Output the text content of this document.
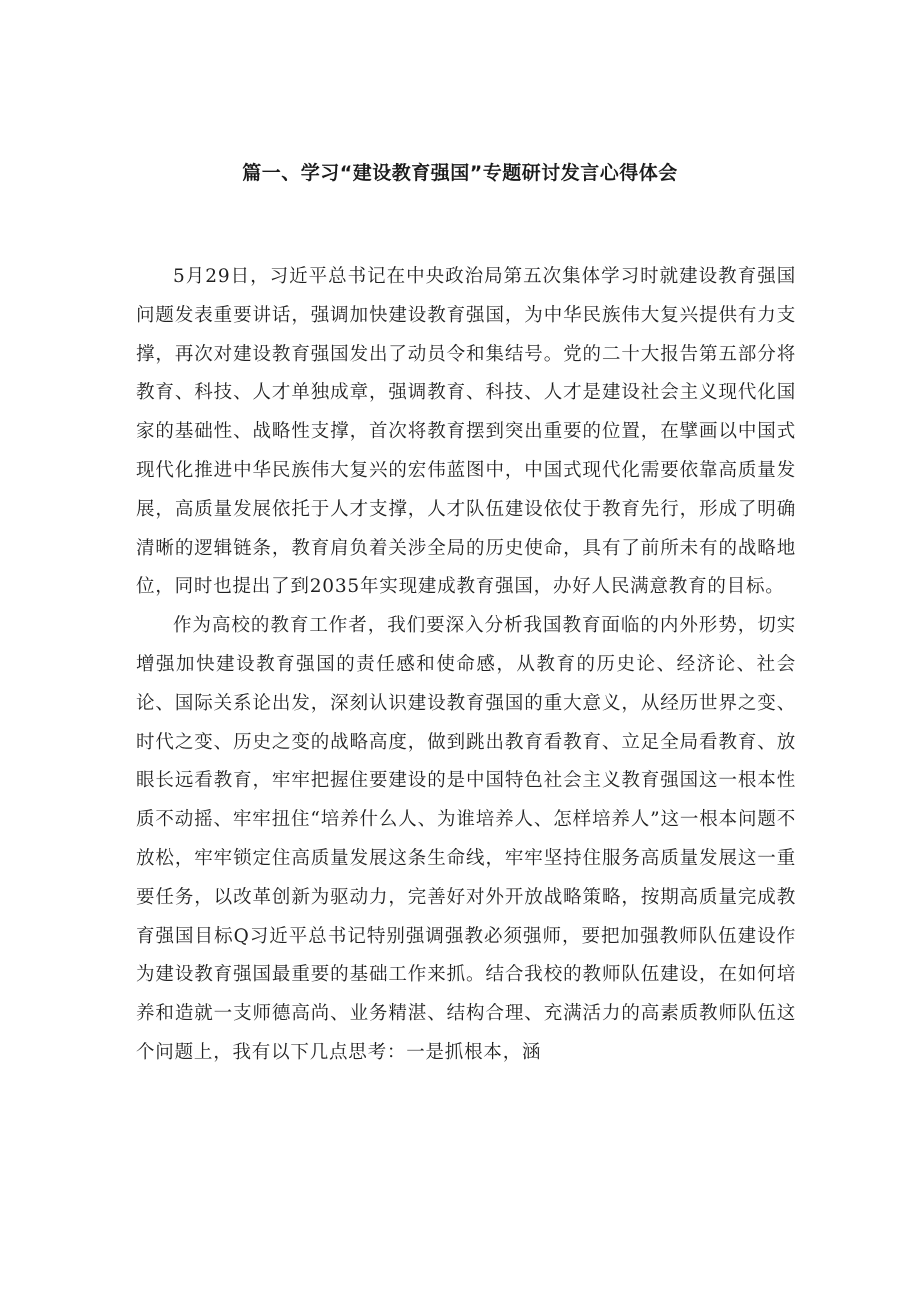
篇一、学习“建设教育强国”专题研讨发言心得体会

5月29日，习近平总书记在中央政治局第五次集体学习时就建设教育强国问题发表重要讲话，强调加快建设教育强国，为中华民族伟大复兴提供有力支撑，再次对建设教育强国发出了动员令和集结号。党的二十大报告第五部分将教育、科技、人才单独成章，强调教育、科技、人才是建设社会主义现代化国家的基础性、战略性支撑，首次将教育摆到突出重要的位置，在擘画以中国式现代化推进中华民族伟大复兴的宏伟蓝图中，中国式现代化需要依靠高质量发展，高质量发展依托于人才支撑，人才队伍建设依仗于教育先行，形成了明确清晰的逻辑链条，教育肩负着关涉全局的历史使命，具有了前所未有的战略地位，同时也提出了到2035年实现建成教育强国，办好人民满意教育的目标。

作为高校的教育工作者，我们要深入分析我国教育面临的内外形势，切实增强加快建设教育强国的责任感和使命感，从教育的历史论、经济论、社会论、国际关系论出发，深刻认识建设教育强国的重大意义，从经历世界之变、时代之变、历史之变的战略高度，做到跳出教育看教育、立足全局看教育、放眼长远看教育，牢牢把握住要建设的是中国特色社会主义教育强国这一根本性质不动摇、牢牢扭住“培养什么人、为谁培养人、怎样培养人”这一根本问题不放松，牢牢锁定住高质量发展这条生命线，牢牢坚持住服务高质量发展这一重要任务，以改革创新为驱动力，完善好对外开放战略策略，按期高质量完成教育强国目标Q习近平总书记特别强调强教必须强师，要把加强教师队伍建设作为建设教育强国最重要的基础工作来抓。结合我校的教师队伍建设，在如何培养和造就一支师德高尚、业务精湛、结构合理、充满活力的高素质教师队伍这个问题上，我有以下几点思考：一是抓根本，涵
